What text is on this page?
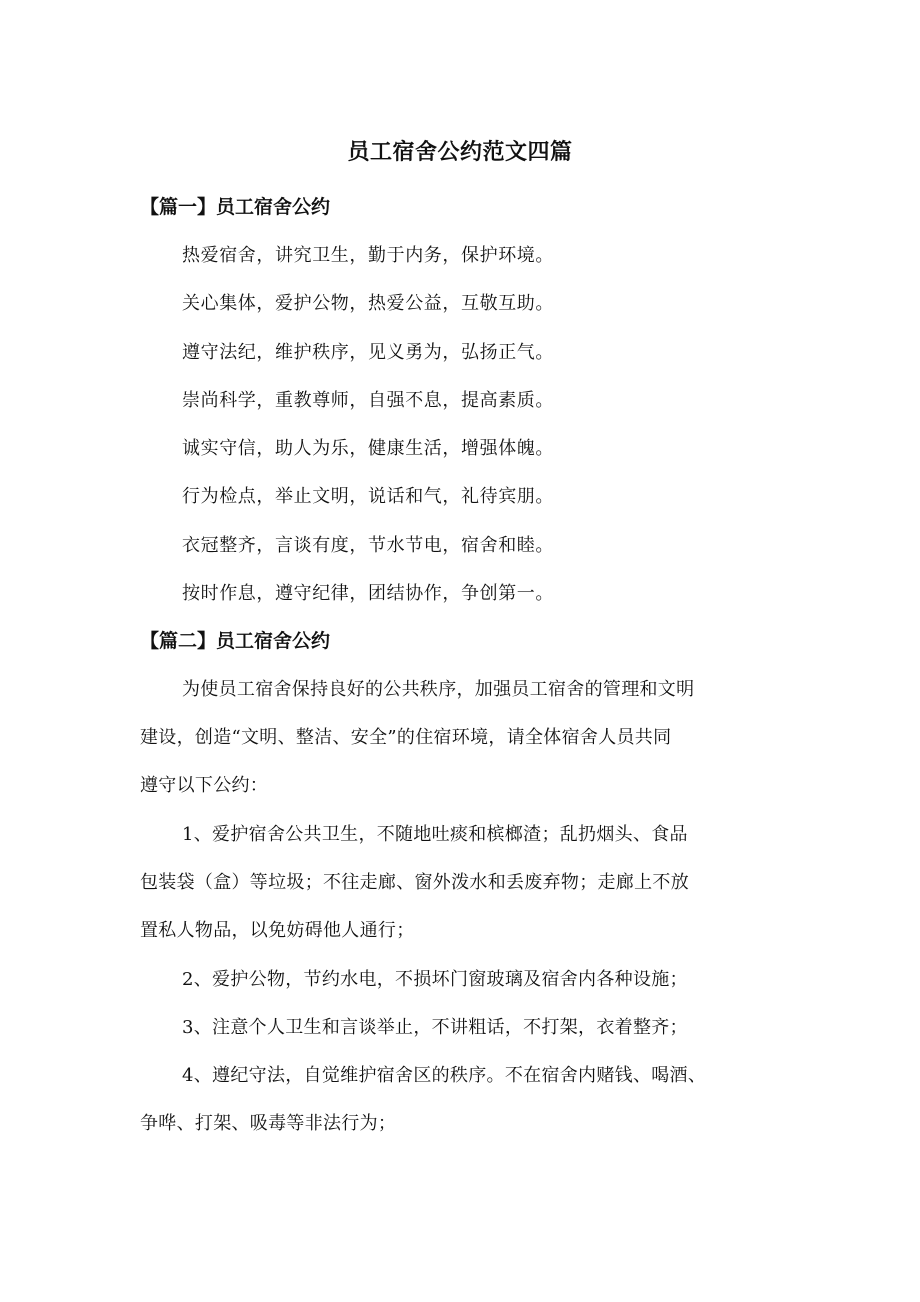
员工宿舍公约范文四篇
【篇一】员工宿舍公约
热爱宿舍，讲究卫生，勤于内务，保护环境。
关心集体，爱护公物，热爱公益，互敬互助。
遵守法纪，维护秩序，见义勇为，弘扬正气。
崇尚科学，重教尊师，自强不息，提高素质。
诚实守信，助人为乐，健康生活，增强体魄。
行为检点，举止文明，说话和气，礼待宾朋。
衣冠整齐，言谈有度，节水节电，宿舍和睦。
按时作息，遵守纪律，团结协作，争创第一。
【篇二】员工宿舍公约
为使员工宿舍保持良好的公共秩序，加强员工宿舍的管理和文明
建设，创造“文明、整洁、安全”的住宿环境，请全体宿舍人员共同
遵守以下公约：
1、爱护宿舍公共卫生，不随地吐痰和槟榔渣；乱扔烟头、食品
包装袋（盒）等垃圾；不往走廊、窗外泼水和丢废弃物；走廊上不放
置私人物品，以免妨碍他人通行；
2、爱护公物，节约水电，不损坏门窗玻璃及宿舍内各种设施；
3、注意个人卫生和言谈举止，不讲粗话，不打架，衣着整齐；
4、遵纪守法，自觉维护宿舍区的秩序。不在宿舍内赌钱、喝酒、
争哗、打架、吸毒等非法行为；
